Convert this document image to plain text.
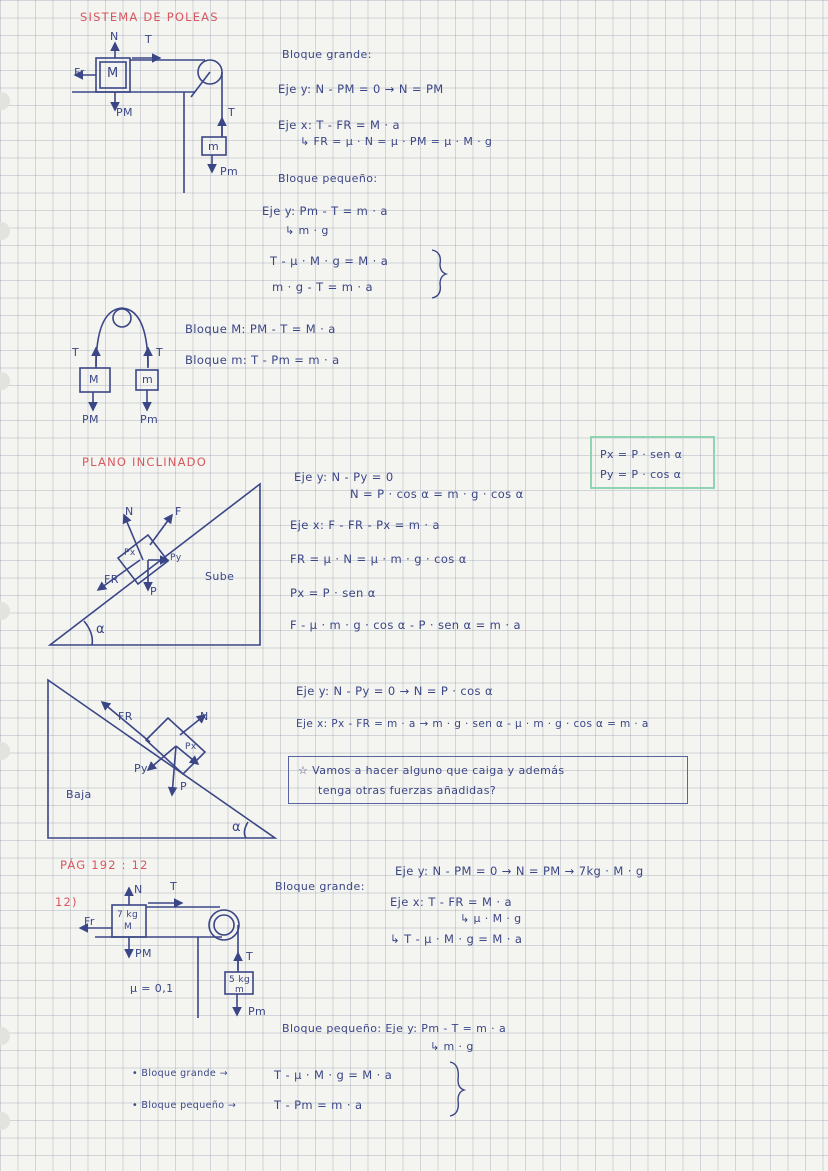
SISTEMA DE POLEAS
N T
Fr M
PM	T
m
Pm
Bloque grande:
Eje y: N - PM = 0 → N = PM
Eje x: T - FR = M · a
↳ FR = μ · N = μ · PM = μ · M · g
Bloque pequeño:
Eje y: Pm - T = m · a
↳ m · g
T - μ · M · g = M · a
m · g - T = m · a
T	T
M	m
PM	Pm
Bloque M: PM - T = M · a
Bloque m: T - Pm = m · a
PLANO INCLINADO
Px = P · sen α
Py = P · cos α
N	F
Px	Py
FR
P
α
Sube
Eje y: N - Py = 0
N = P · cos α = m · g · cos α
Eje x: F - FR - Px = m · a
FR = μ · N = μ · m · g · cos α
Px = P · sen α
F - μ · m · g · cos α - P · sen α = m · a
FR	N
Px
Py
P
α
Baja
Eje y: N - Py = 0 → N = P · cos α
Eje x: Px - FR = m · a → m · g · sen α - μ · m · g · cos α = m · a
☆ Vamos a hacer alguno que caiga y además
tenga otras fuerzas añadidas?
PÁG 192 : 12
12)
N T
Fr 7 kg
M
PM	T
5 kg
m
Pm
μ = 0,1
Bloque grande:
Eje y: N - PM = 0 → N = PM → 7kg · M · g
Eje x: T - FR = M · a
↳ μ · M · g
↳ T - μ · M · g = M · a
Bloque pequeño: Eje y: Pm - T = m · a
↳ m · g
• Bloque grande →	T - μ · M · g = M · a
• Bloque pequeño →	T - Pm = m · a
